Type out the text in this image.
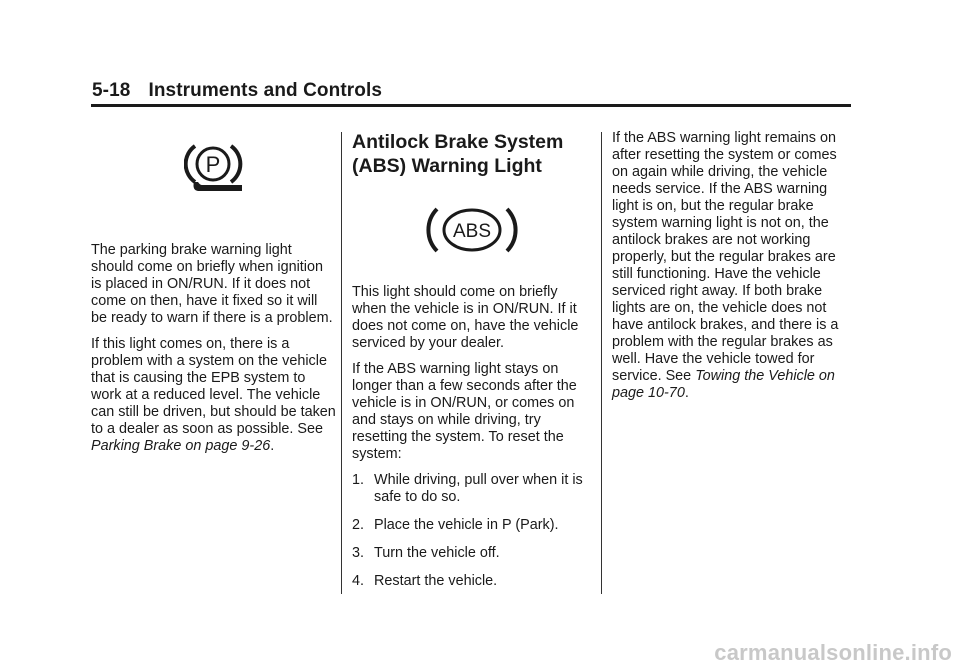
5-18 Instruments and Controls
P

The parking brake warning light should come on briefly when ignition is placed in ON/RUN. If it does not come on then, have it fixed so it will be ready to warn if there is a problem.

If this light comes on, there is a problem with a system on the vehicle that is causing the EPB system to work at a reduced level. The vehicle can still be driven, but should be taken to a dealer as soon as possible. See Parking Brake on page 9-26.

Antilock Brake System (ABS) Warning Light
ABS

This light should come on briefly when the vehicle is in ON/RUN. If it does not come on, have the vehicle serviced by your dealer.

If the ABS warning light stays on longer than a few seconds after the vehicle is in ON/RUN, or comes on and stays on while driving, try resetting the system. To reset the system:

1. While driving, pull over when it is safe to do so.
2. Place the vehicle in P (Park).
3. Turn the vehicle off.
4. Restart the vehicle.

If the ABS warning light remains on after resetting the system or comes on again while driving, the vehicle needs service. If the ABS warning light is on, but the regular brake system warning light is not on, the antilock brakes are not working properly, but the regular brakes are still functioning. Have the vehicle serviced right away. If both brake lights are on, the vehicle does not have antilock brakes, and there is a problem with the regular brakes as well. Have the vehicle towed for service. See Towing the Vehicle on page 10-70.

carmanualsonline.info
